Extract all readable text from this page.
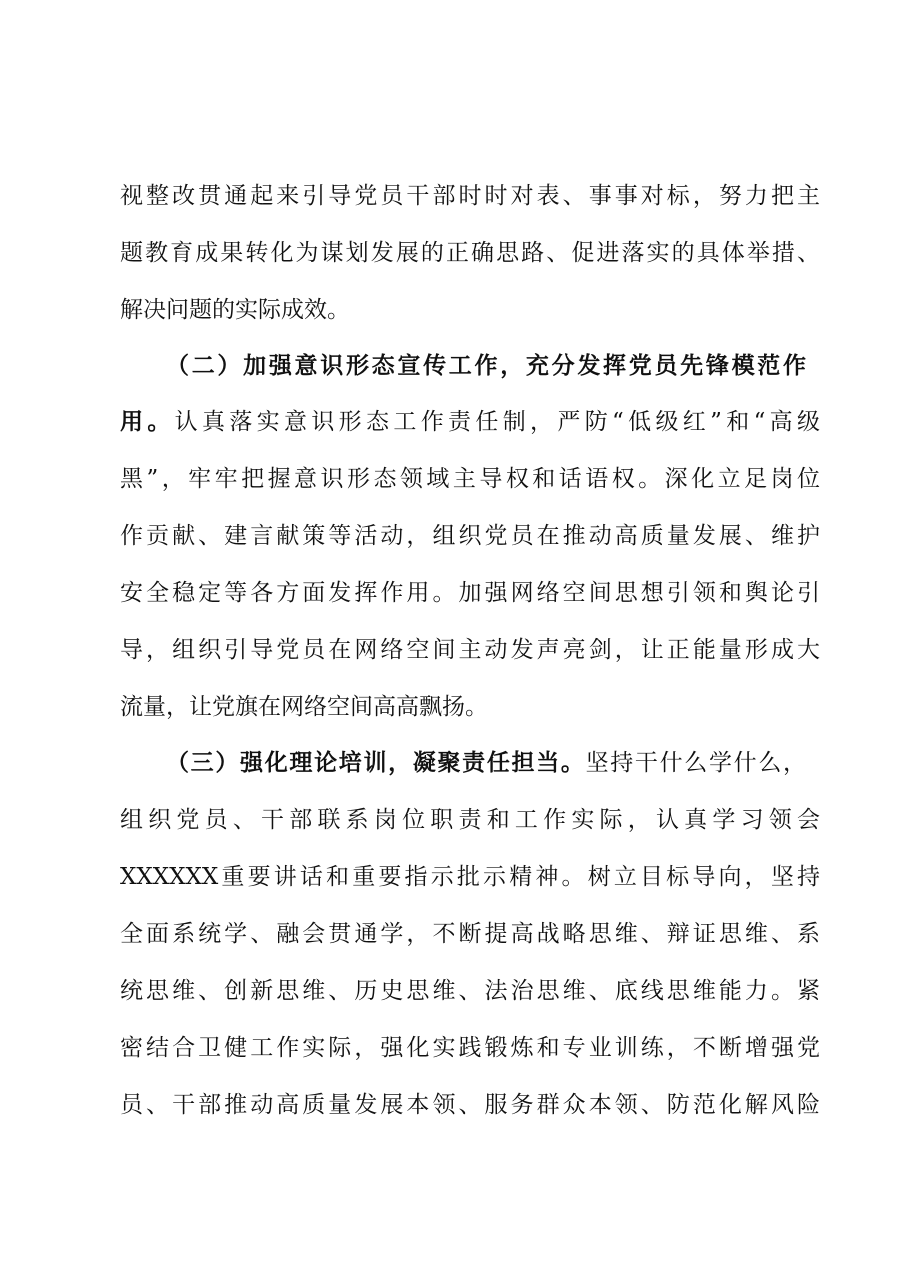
视整改贯通起来引导党员干部时时对表、事事对标，努力把主
题教育成果转化为谋划发展的正确思路、促进落实的具体举措、
解决问题的实际成效。
（二）加强意识形态宣传工作，充分发挥党员先锋模范作
用。认真落实意识形态工作责任制，严防“低级红”和“高级
黑”，牢牢把握意识形态领域主导权和话语权。深化立足岗位
作贡献、建言献策等活动，组织党员在推动高质量发展、维护
安全稳定等各方面发挥作用。加强网络空间思想引领和舆论引
导，组织引导党员在网络空间主动发声亮剑，让正能量形成大
流量，让党旗在网络空间高高飘扬。
（三）强化理论培训，凝聚责任担当。坚持干什么学什么，
组织党员、干部联系岗位职责和工作实际，认真学习领会
XXXXXX重要讲话和重要指示批示精神。树立目标导向，坚持
全面系统学、融会贯通学，不断提高战略思维、辩证思维、系
统思维、创新思维、历史思维、法治思维、底线思维能力。紧
密结合卫健工作实际，强化实践锻炼和专业训练，不断增强党
员、干部推动高质量发展本领、服务群众本领、防范化解风险
